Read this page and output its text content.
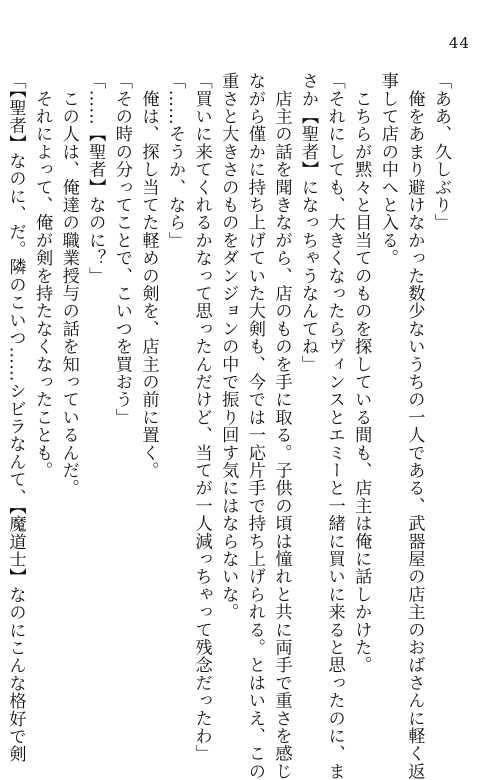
44
「ああ、久しぶり」
　俺をあまり避けなかった数少ないうちの一人である、武器屋の店主のおばさんに軽く返
事して店の中へと入る。
　こちらが黙々と目当てのものを探している間も、店主は俺に話しかけた。
「それにしても、大きくなったらヴィンスとエミーと一緒に買いに来ると思ったのに、ま
さか【聖者】になっちゃうなんてね」
　店主の話を聞きながら、店のものを手に取る。子供の頃は憧れと共に両手で重さを感じ
ながら僅かに持ち上げていた大剣も、今では一応片手で持ち上げられる。とはいえ、この
重さと大きさのものをダンジョンの中で振り回す気にはならないな。
「買いに来てくれるかなって思ったんだけど、当てが一人減っちゃって残念だったわ」
「……そうか、なら」
　俺は、探し当てた軽めの剣を、店主の前に置く。
「その時の分ってことで、こいつを買おう」
「……【聖者】なのに？」
　この人は、俺達の職業授与の話を知っているんだ。
　それによって、俺が剣を持たなくなったことも。
「【聖者】なのに、だ。隣のこいつ……シビラなんて、【魔道士】なのにこんな格好で剣
